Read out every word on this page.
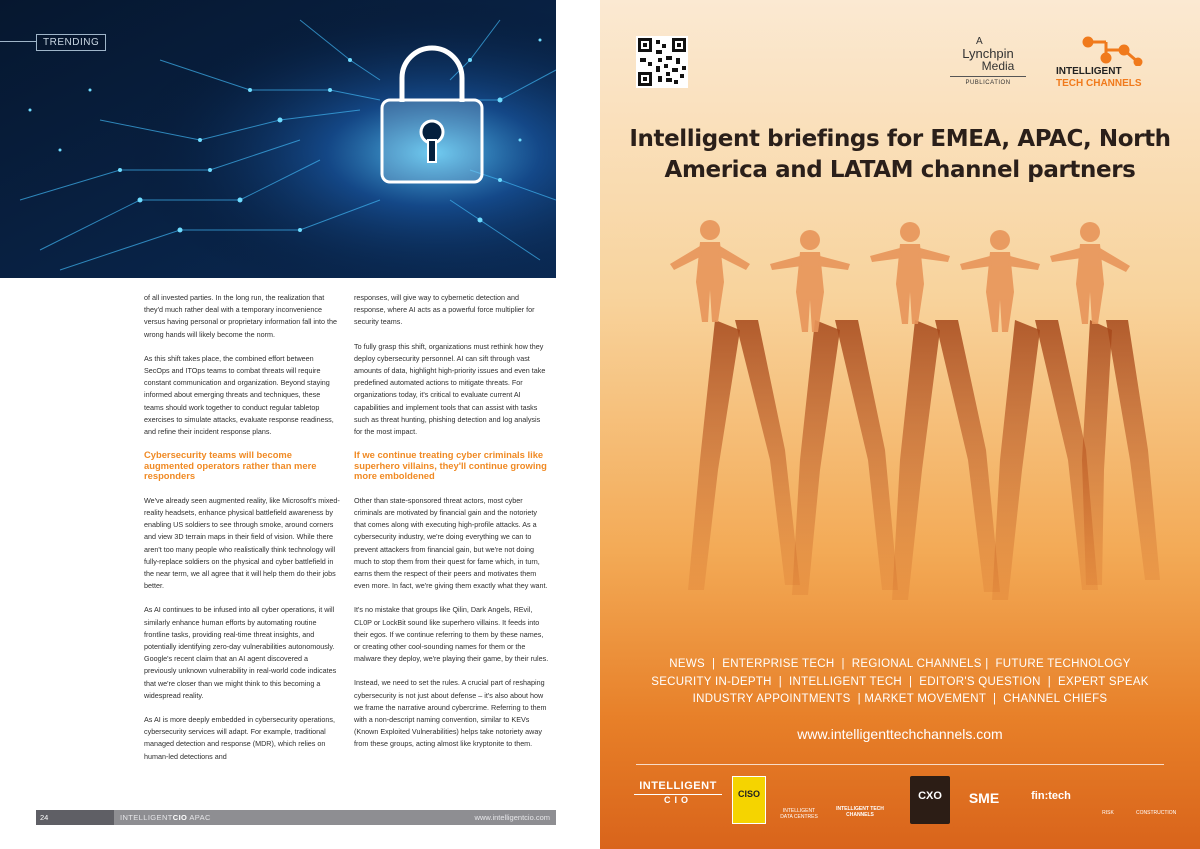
TRENDING

of all invested parties. In the long run, the realization that they'd much rather deal with a temporary inconvenience versus having personal or proprietary information fall into the wrong hands will likely become the norm.

As this shift takes place, the combined effort between SecOps and ITOps teams to combat threats will require constant communication and organization. Beyond staying informed about emerging threats and techniques, these teams should work together to conduct regular tabletop exercises to simulate attacks, evaluate response readiness, and refine their incident response plans.

Cybersecurity teams will become augmented operators rather than mere responders

We've already seen augmented reality, like Microsoft's mixed-reality headsets, enhance physical battlefield awareness by enabling US soldiers to see through smoke, around corners and view 3D terrain maps in their field of vision. While there aren't too many people who realistically think technology will fully-replace soldiers on the physical and cyber battlefield in the near term, we all agree that it will help them do their jobs better.

As AI continues to be infused into all cyber operations, it will similarly enhance human efforts by automating routine frontline tasks, providing real-time threat insights, and potentially identifying zero-day vulnerabilities autonomously. Google's recent claim that an AI agent discovered a previously unknown vulnerability in real-world code indicates that we're closer than we might think to this becoming a widespread reality.

As AI is more deeply embedded in cybersecurity operations, cybersecurity services will adapt. For example, traditional managed detection and response (MDR), which relies on human-led detections and

responses, will give way to cybernetic detection and response, where AI acts as a powerful force multiplier for security teams.

To fully grasp this shift, organizations must rethink how they deploy cybersecurity personnel. AI can sift through vast amounts of data, highlight high-priority issues and even take predefined automated actions to mitigate threats. For organizations today, it's critical to evaluate current AI capabilities and implement tools that can assist with tasks such as threat hunting, phishing detection and log analysis for the most impact.

If we continue treating cyber criminals like superhero villains, they'll continue growing more emboldened

Other than state-sponsored threat actors, most cyber criminals are motivated by financial gain and the notoriety that comes along with executing high-profile attacks. As a cybersecurity industry, we're doing everything we can to prevent attackers from financial gain, but we're not doing much to stop them from their quest for fame which, in turn, earns them the respect of their peers and motivates them even more. In fact, we're giving them exactly what they want.

It's no mistake that groups like Qilin, Dark Angels, REvil, CL0P or LockBit sound like superhero villains. It feeds into their egos. If we continue referring to them by these names, or creating other cool-sounding names for them or the malware they deploy, we're playing their game, by their rules.

Instead, we need to set the rules. A crucial part of reshaping cybersecurity is not just about defense – it's also about how we frame the narrative around cybercrime. Referring to them with a non-descript naming convention, similar to KEVs (Known Exploited Vulnerabilities) helps take notoriety away from these groups, acting almost like kryptonite to them.

24	INTELLIGENTCIO APAC	www.intelligentcio.com
A
Lynchpin
Media
PUBLICATION
INTELLIGENT
TECH CHANNELS
Intelligent briefings for EMEA, APAC, North
America and LATAM channel partners
NEWS  |  ENTERPRISE TECH  |  REGIONAL CHANNELS |  FUTURE TECHNOLOGY
SECURITY IN-DEPTH  |  INTELLIGENT TECH  |  EDITOR'S QUESTION  |  EXPERT SPEAK
INDUSTRY APPOINTMENTS  | MARKET MOVEMENT  |  CHANNEL CHIEFS
www.intelligenttechchannels.com
INTELLIGENT
CIO
CISO
INTELLIGENT DATA CENTRES
INTELLIGENT TECH CHANNELS
CXO	SME	fin:tech
RISK	CONSTRUCTION
